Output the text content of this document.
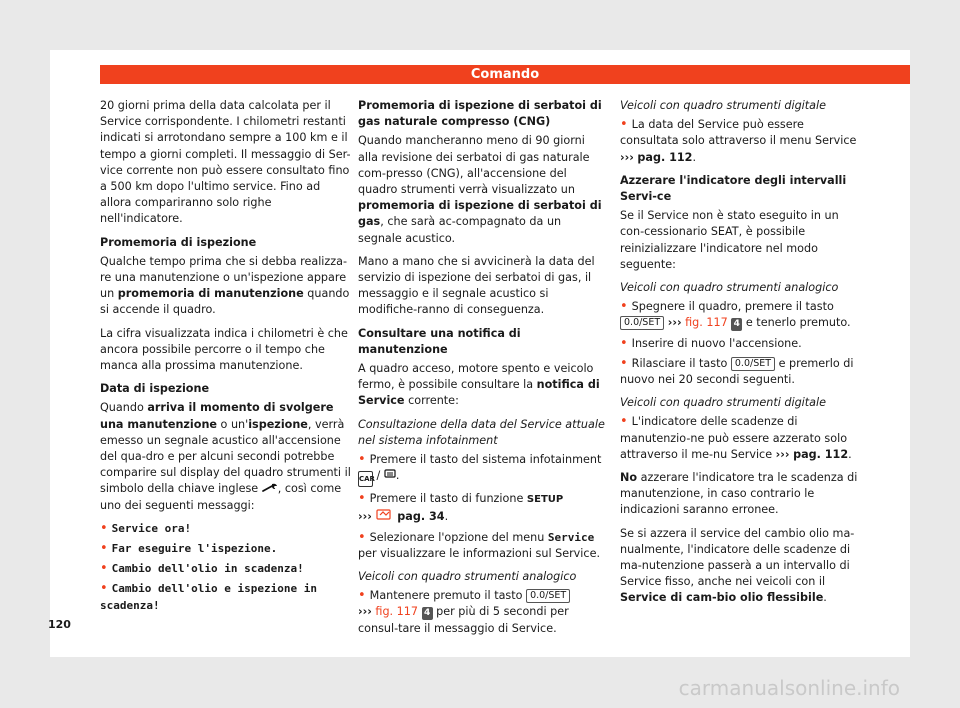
Comando

20 giorni prima della data calcolata per il Service corrispondente. I chilometri restanti indicati si arrotondano sempre a 100 km e il tempo a giorni completi. Il messaggio di Ser-vice corrente non può essere consultato fino a 500 km dopo l'ultimo service. Fino ad allora compariranno solo righe nell'indicatore.

Promemoria di ispezione

Qualche tempo prima che si debba realizza-re una manutenzione o un'ispezione appare un promemoria di manutenzione quando si accende il quadro.

La cifra visualizzata indica i chilometri è che ancora possibile percorre o il tempo che manca alla prossima manutenzione.

Data di ispezione

Quando arriva il momento di svolgere una manutenzione o un'ispezione, verrà emesso un segnale acustico all'accensione del qua-dro e per alcuni secondi potrebbe comparire sul display del quadro strumenti il simbolo della chiave inglese , così come uno dei seguenti messaggi:

• Service ora!

• Far eseguire l'ispezione.

• Cambio dell'olio in scadenza!

• Cambio dell'olio e ispezione in scadenza!

Promemoria di ispezione di serbatoi di gas naturale compresso (CNG)

Quando mancheranno meno di 90 giorni alla revisione dei serbatoi di gas naturale com-presso (CNG), all'accensione del quadro strumenti verrà visualizzato un promemoria di ispezione di serbatoi di gas, che sarà ac-compagnato da un segnale acustico.

Mano a mano che si avvicinerà la data del servizio di ispezione dei serbatoi di gas, il messaggio e il segnale acustico si modifiche-ranno di conseguenza.

Consultare una notifica di manutenzione

A quadro acceso, motore spento e veicolo fermo, è possibile consultare la notifica di Service corrente:

Consultazione della data del Service attuale nel sistema infotainment

• Premere il tasto del sistema infotainment CAR / .

• Premere il tasto di funzione SETUP
›››  pag. 34.

• Selezionare l'opzione del menu Service
per visualizzare le informazioni sul Service.

Veicoli con quadro strumenti analogico

• Mantenere premuto il tasto 0.0/SET
››› fig. 117 4 per più di 5 secondi per consul-tare il messaggio di Service.

Veicoli con quadro strumenti digitale

• La data del Service può essere consultata solo attraverso il menu Service ››› pag. 112.

Azzerare l'indicatore degli intervalli Servi-ce

Se il Service non è stato eseguito in un con-cessionario SEAT, è possibile reinizializzare l'indicatore nel modo seguente:

Veicoli con quadro strumenti analogico

• Spegnere il quadro, premere il tasto
0.0/SET ››› fig. 117 4 e tenerlo premuto.

• Inserire di nuovo l'accensione.

• Rilasciare il tasto 0.0/SET e premerlo di nuovo nei 20 secondi seguenti.

Veicoli con quadro strumenti digitale

• L'indicatore delle scadenze di manutenzio-ne può essere azzerato solo attraverso il me-nu Service ››› pag. 112.

No azzerare l'indicatore tra le scadenza di manutenzione, in caso contrario le indicazioni saranno erronee.

Se si azzera il service del cambio olio ma-nualmente, l'indicatore delle scadenze di ma-nutenzione passerà a un intervallo di Service fisso, anche nei veicoli con il Service di cam-bio olio flessibile.

120
carmanualsonline.info
